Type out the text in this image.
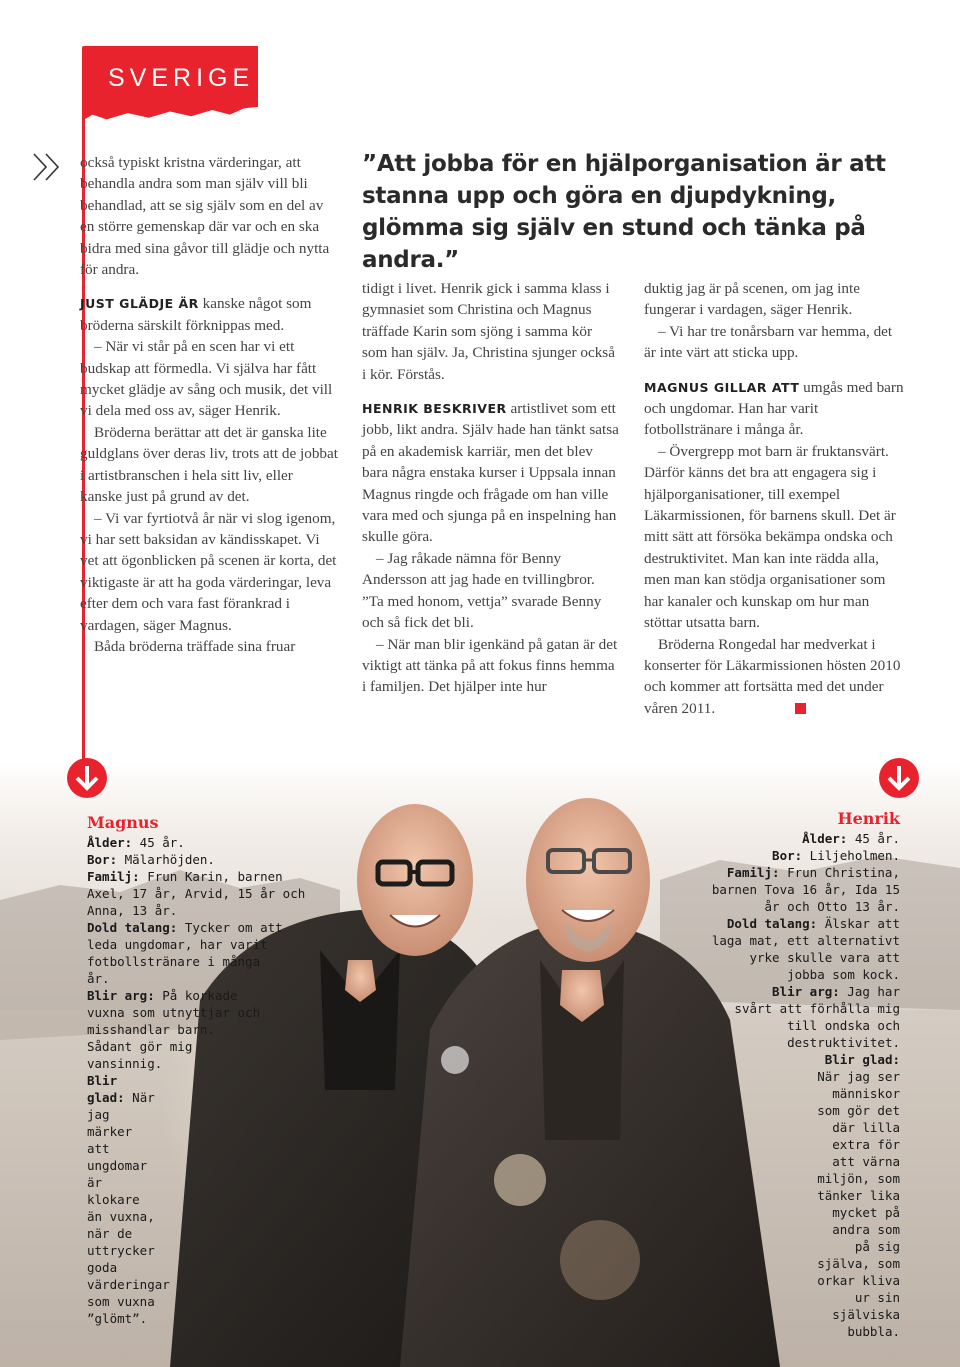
SVERIGE

också typiskt kristna värderingar, att behandla andra som man själv vill bli behandlad, att se sig själv som en del av en större gemenskap där var och en ska bidra med sina gåvor till glädje och nytta för andra.

JUST GLÄDJE ÄR kanske något som bröderna särskilt förknippas med.

– När vi står på en scen har vi ett budskap att förmedla. Vi själva har fått mycket glädje av sång och musik, det vill vi dela med oss av, säger Henrik.

Bröderna berättar att det är ganska lite guldglans över deras liv, trots att de jobbat i artistbranschen i hela sitt liv, eller kanske just på grund av det.

– Vi var fyrtiotvå år när vi slog igenom, vi har sett baksidan av kändisskapet. Vi vet att ögonblicken på scenen är korta, det viktigaste är att ha goda värderingar, leva efter dem och vara fast förankrad i vardagen, säger Magnus.

Båda bröderna träffade sina fruar

”Att jobba för en hjälporganisation är att stanna upp och göra en djupdykning, glömma sig själv en stund och tänka på andra.”

tidigt i livet. Henrik gick i samma klass i gymnasiet som Christina och Magnus träffade Karin som sjöng i samma kör som han själv. Ja, Christina sjunger också i kör. Förstås.

HENRIK BESKRIVER artistlivet som ett jobb, likt andra. Själv hade han tänkt satsa på en akademisk karriär, men det blev bara några enstaka kurser i Uppsala innan Magnus ringde och frågade om han ville vara med och sjunga på en inspelning han skulle göra.

– Jag råkade nämna för Benny Andersson att jag hade en tvillingbror. ”Ta med honom, vettja” svarade Benny och så fick det bli.

– När man blir igenkänd på gatan är det viktigt att tänka på att fokus finns hemma i familjen. Det hjälper inte hur

duktig jag är på scenen, om jag inte fungerar i vardagen, säger Henrik.

– Vi har tre tonårsbarn var hemma, det är inte värt att sticka upp.

MAGNUS GILLAR ATT umgås med barn och ungdomar. Han har varit fotbollstränare i många år.

– Övergrepp mot barn är fruktansvärt. Därför känns det bra att engagera sig i hjälporganisationer, till exempel Läkarmissionen, för barnens skull. Det är mitt sätt att försöka bekämpa ondska och destruktivitet. Man kan inte rädda alla, men man kan stödja organisationer som har kanaler och kunskap om hur man stöttar utsatta barn.

Bröderna Rongedal har medverkat i konserter för Läkarmissionen hösten 2010 och kommer att fortsätta med det under våren 2011.

Magnus
Ålder: 45 år.
Bor: Mälarhöjden.
Familj: Frun Karin, barnen Axel, 17 år, Arvid, 15 år och Anna, 13 år.
Dold talang: Tycker om att leda ungdomar, har varit fotbollstränare i många år.
Blir arg: På korkade vuxna som utnyttjar och misshandlar barn. Sådant gör mig vansinnig.
Blir glad: När jag märker att ungdomar är klokare än vuxna, när de uttrycker goda värderingar som vuxna ”glömt”.
Henrik
Ålder: 45 år.
Bor: Liljeholmen.
Familj: Frun Christina, barnen Tova 16 år, Ida 15 år och Otto 13 år.
Dold talang: Älskar att laga mat, ett alternativt yrke skulle vara att jobba som kock.
Blir arg: Jag har svårt att förhålla mig till ondska och destruktivitet.
Blir glad: När jag ser människor som gör det där lilla extra för att värna miljön, som tänker lika mycket på andra som på sig själva, som orkar kliva ur sin själviska bubbla.
